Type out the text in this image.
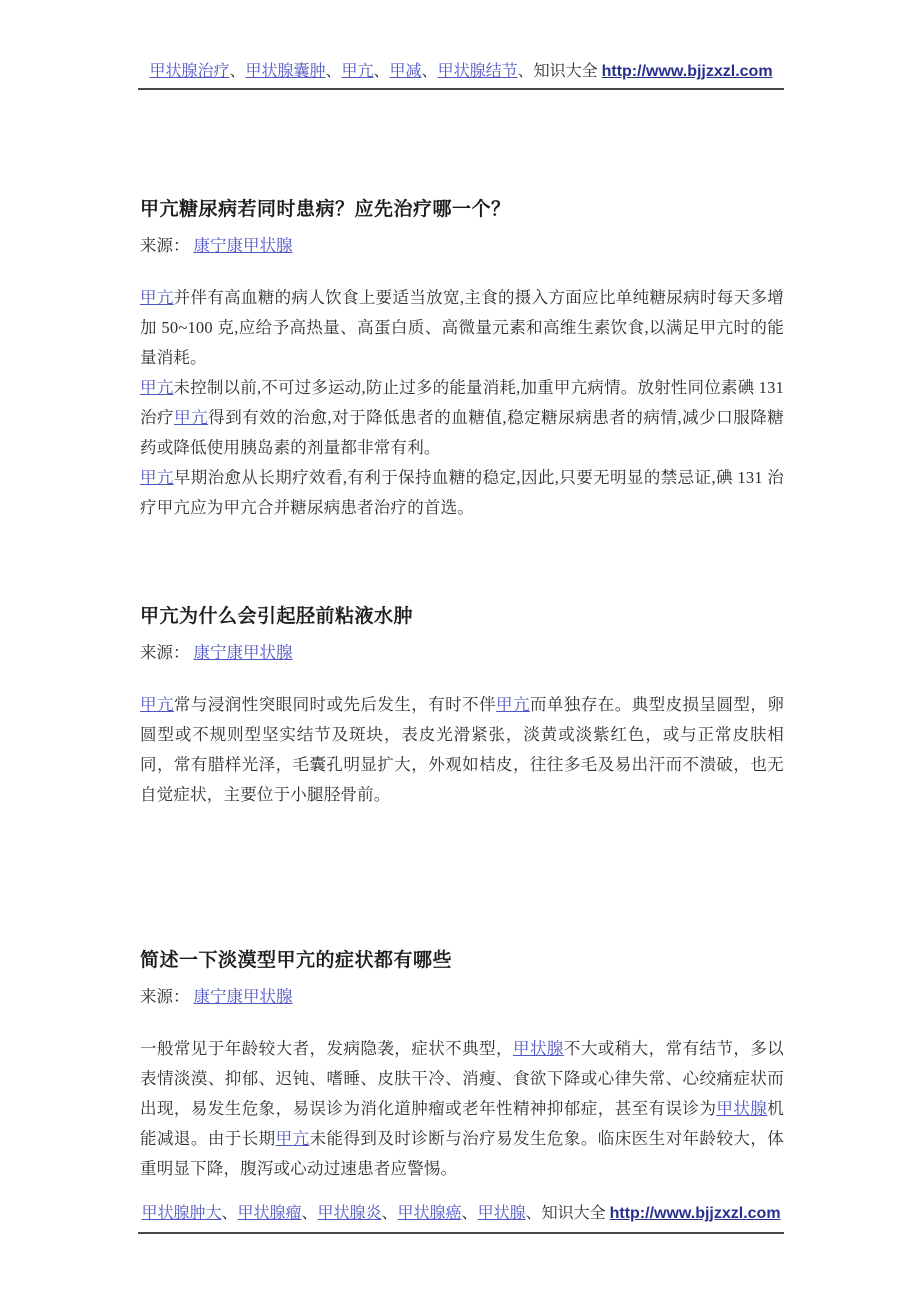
甲状腺治疗、甲状腺囊肿、甲亢、甲减、甲状腺结节、知识大全 http://www.bjjzxzl.com
甲亢糖尿病若同时患病？应先治疗哪一个？

来源： 康宁康甲状腺

甲亢并伴有高血糖的病人饮食上要适当放宽,主食的摄入方面应比单纯糖尿病时每天多增加 50~100 克,应给予高热量、高蛋白质、高微量元素和高维生素饮食,以满足甲亢时的能量消耗。

甲亢未控制以前,不可过多运动,防止过多的能量消耗,加重甲亢病情。放射性同位素碘 131 治疗甲亢得到有效的治愈,对于降低患者的血糖值,稳定糖尿病患者的病情,减少口服降糖药或降低使用胰岛素的剂量都非常有利。

甲亢早期治愈从长期疗效看,有利于保持血糖的稳定,因此,只要无明显的禁忌证,碘 131 治疗甲亢应为甲亢合并糖尿病患者治疗的首选。

甲亢为什么会引起胫前粘液水肿

来源： 康宁康甲状腺

甲亢常与浸润性突眼同时或先后发生，有时不伴甲亢而单独存在。典型皮损呈圆型，卵圆型或不规则型坚实结节及斑块，表皮光滑紧张，淡黄或淡紫红色，或与正常皮肤相同，常有腊样光泽，毛囊孔明显扩大，外观如桔皮，往往多毛及易出汗而不溃破，也无自觉症状，主要位于小腿胫骨前。

简述一下淡漠型甲亢的症状都有哪些

来源： 康宁康甲状腺

一般常见于年龄较大者，发病隐袭，症状不典型，甲状腺不大或稍大，常有结节，多以表情淡漠、抑郁、迟钝、嗜睡、皮肤干冷、消瘦、食欲下降或心律失常、心绞痛症状而出现，易发生危象，易误诊为消化道肿瘤或老年性精神抑郁症，甚至有误诊为甲状腺机能减退。由于长期甲亢未能得到及时诊断与治疗易发生危象。临床医生对年龄较大，体重明显下降，腹泻或心动过速患者应警惕。

甲状腺肿大、甲状腺瘤、甲状腺炎、甲状腺癌、甲状腺、知识大全 http://www.bjjzxzl.com
